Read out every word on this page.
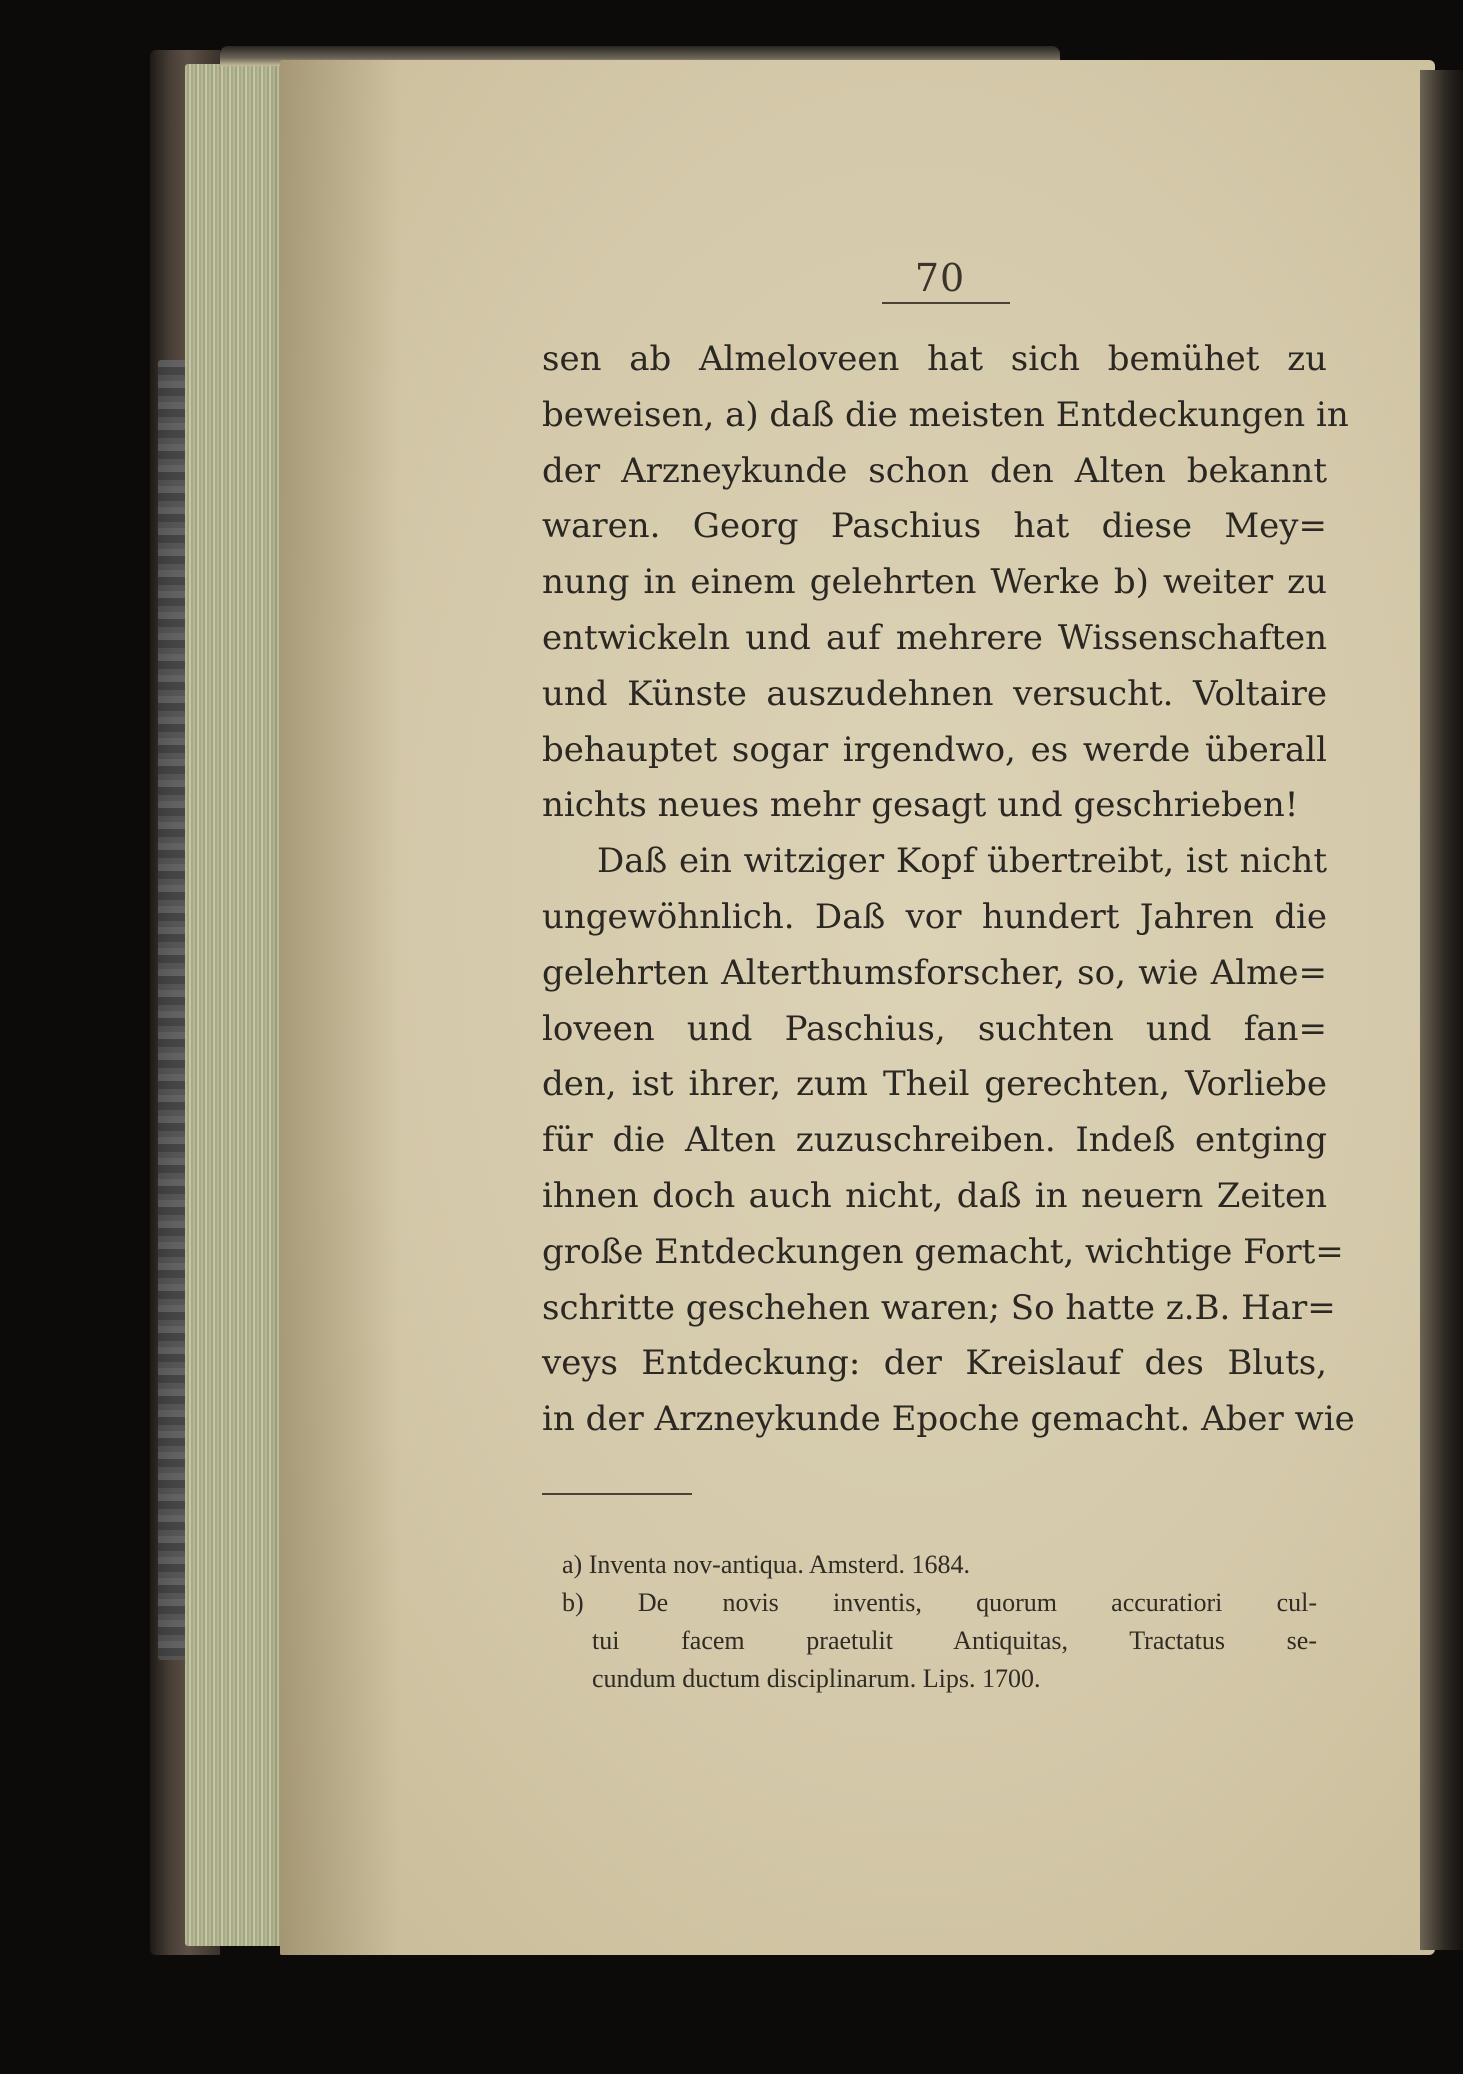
70
sen ab Almeloveen hat sich bemühet zu
beweisen, a) daß die meisten Entdeckungen in
der Arzneykunde schon den Alten bekannt
waren. Georg Paschius hat diese Mey=
nung in einem gelehrten Werke b) weiter zu
entwickeln und auf mehrere Wissenschaften
und Künste auszudehnen versucht. Voltaire
behauptet sogar irgendwo, es werde überall
nichts neues mehr gesagt und geschrieben!
Daß ein witziger Kopf übertreibt, ist nicht
ungewöhnlich. Daß vor hundert Jahren die
gelehrten Alterthumsforscher, so, wie Alme=
loveen und Paschius, suchten und fan=
den, ist ihrer, zum Theil gerechten, Vorliebe
für die Alten zuzuschreiben. Indeß entging
ihnen doch auch nicht, daß in neuern Zeiten
große Entdeckungen gemacht, wichtige Fort=
schritte geschehen waren; So hatte z.B. Har=
veys Entdeckung: der Kreislauf des Bluts,
in der Arzneykunde Epoche gemacht. Aber wie
a) Inventa nov-antiqua. Amsterd. 1684.
b) De novis inventis, quorum accuratiori cul-
tui facem praetulit Antiquitas, Tractatus se-
cundum ductum disciplinarum. Lips. 1700.
